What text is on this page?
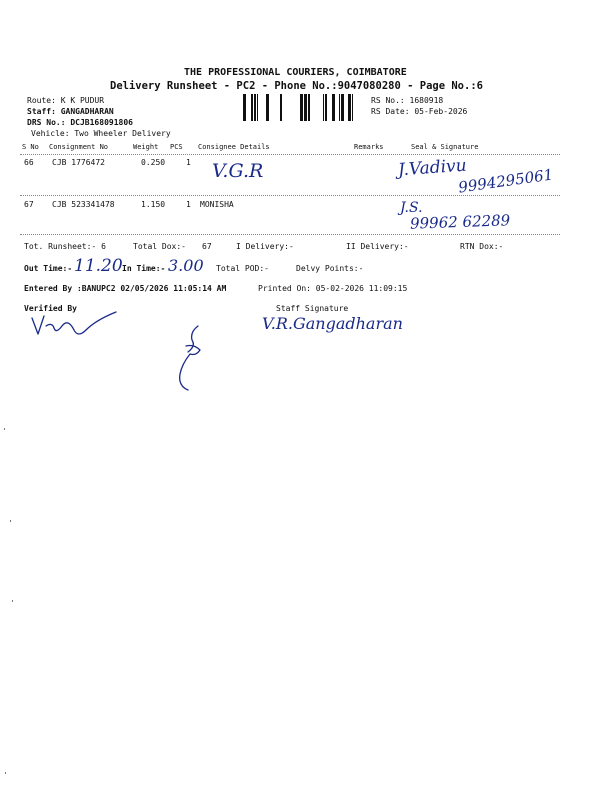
THE PROFESSIONAL COURIERS, COIMBATORE
Delivery Runsheet - PC2 - Phone No.:9047080280 - Page No.:6
Route: K K PUDUR
Staff: GANGADHARAN
DRS No.: DCJB168091806
Vehicle: Two Wheeler Delivery
RS No.: 1680918
RS Date: 05-Feb-2026
S No Consignment No	Weight PCS Consignee Details	Remarks	Seal & Signature
66 CJB 1776472	0.250	1 V.G.R	J.Vadivu
9994295061
67 CJB 523341478	1.150	1 MONISHA	J.S.
99962 62289
Tot. Runsheet:- 6	Total Dox:- 67	I Delivery:-	II Delivery:-	RTN Dox:-
Out Time:- 11.20 In Time:- 3.00 Total POD:-	Delvy Points:-
Entered By :BANUPC2 02/05/2026 11:05:14 AM	Printed On: 05-02-2026 11:09:15
Verified By	Staff Signature
V.R.Gangadharan
